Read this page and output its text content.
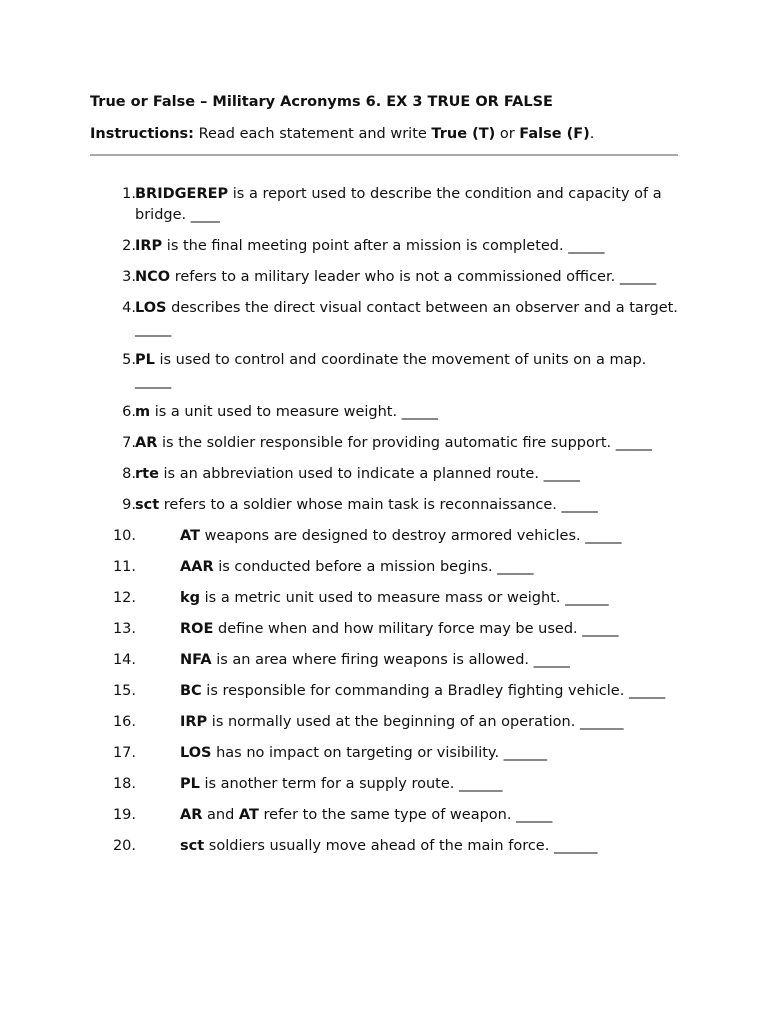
True or False – Military Acronyms 6. EX 3 TRUE OR FALSE

Instructions: Read each statement and write True (T) or False (F).
1. BRIDGEREP is a report used to describe the condition and capacity of a bridge. ____
2. IRP is the final meeting point after a mission is completed. _____
3. NCO refers to a military leader who is not a commissioned officer. _____
4. LOS describes the direct visual contact between an observer and a target. _____
5. PL is used to control and coordinate the movement of units on a map. _____
6. m is a unit used to measure weight. _____
7. AR is the soldier responsible for providing automatic fire support. _____
8. rte is an abbreviation used to indicate a planned route. _____
9. sct refers to a soldier whose main task is reconnaissance. _____
10.	AT weapons are designed to destroy armored vehicles. _____
11.	AAR is conducted before a mission begins. _____
12.	kg is a metric unit used to measure mass or weight. ______
13.	ROE define when and how military force may be used. _____
14.	NFA is an area where firing weapons is allowed. _____
15.	BC is responsible for commanding a Bradley fighting vehicle. _____
16.	IRP is normally used at the beginning of an operation. ______
17.	LOS has no impact on targeting or visibility. ______
18.	PL is another term for a supply route. ______
19.	AR and AT refer to the same type of weapon. _____
20.	sct soldiers usually move ahead of the main force. ______
